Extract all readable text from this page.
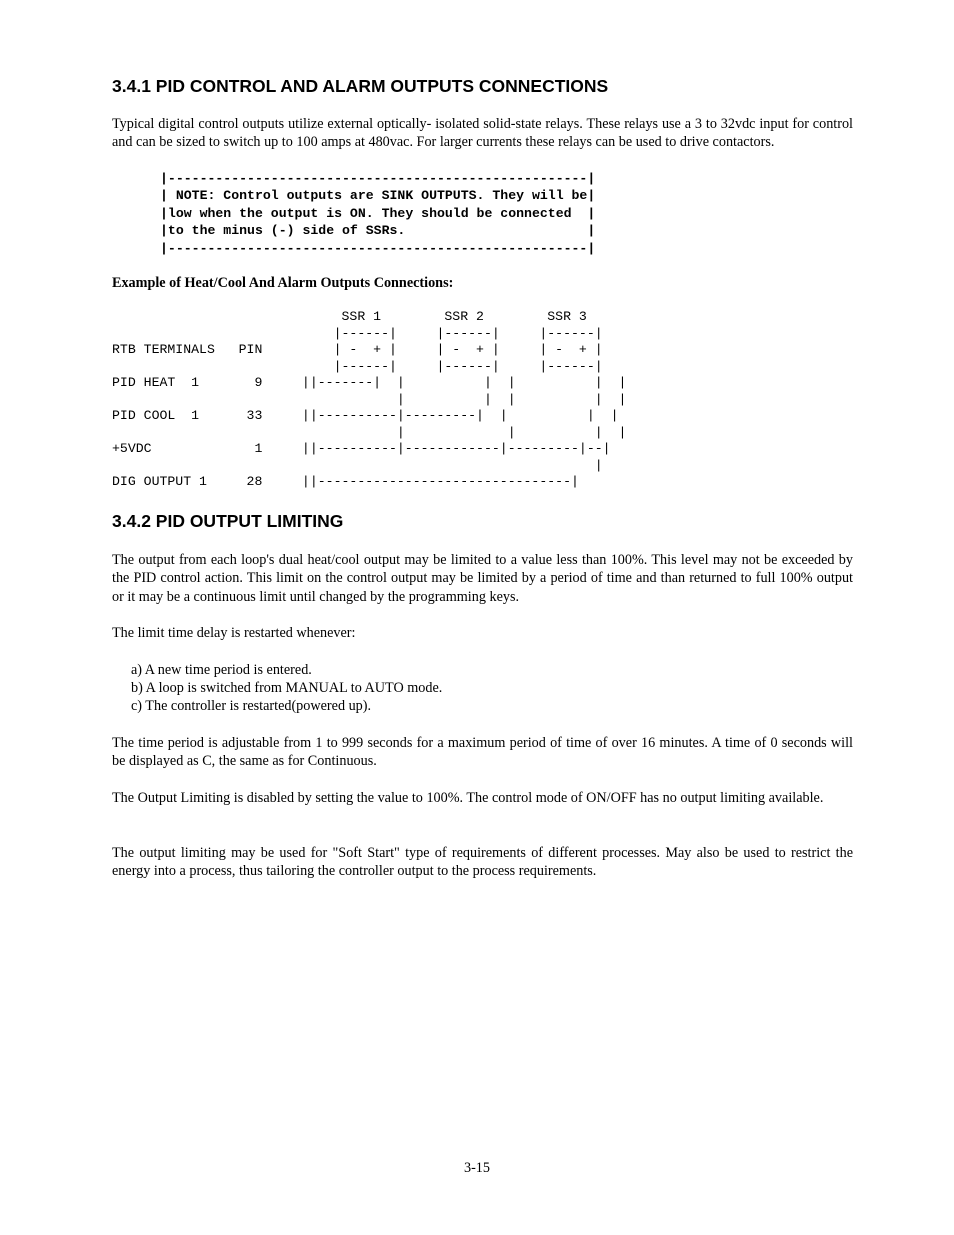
3.4.1 PID CONTROL AND ALARM OUTPUTS CONNECTIONS

Typical digital control outputs utilize external optically- isolated solid-state relays. These relays use a 3 to 32vdc input for control and can be sized to switch up to 100 amps at 480vac. For larger currents these relays can be used to drive contactors.

|-----------------------------------------------------|
| NOTE: Control outputs are SINK OUTPUTS. They will be|
|low when the output is ON. They should be connected  |
|to the minus (-) side of SSRs.                       |
|-----------------------------------------------------|

Example of Heat/Cool And Alarm Outputs Connections:

SSR 1        SSR 2        SSR 3
|------|     |------|     |------|
RTB TERMINALS   PIN         | -  + |     | -  + |     | -  + |
|------|     |------|     |------|
PID HEAT  1       9     ||-------|  |          |  |          |  |
|          |  |          |  |
PID COOL  1      33     ||----------|---------|  |          |  |
|             |          |  |
+5VDC             1     ||----------|------------|---------|--|
|
DIG OUTPUT 1     28     ||--------------------------------|
3.4.2 PID OUTPUT LIMITING

The output from each loop's dual heat/cool output may be limited to a value less than 100%. This level may not be exceeded by the PID control action. This limit on the control output may be limited by a period of time and than returned to full 100% output or it may be a continuous limit until changed by the programming keys.

The limit time delay is restarted whenever:

a) A new time period is entered.
b) A loop is switched from MANUAL to AUTO mode.
c) The controller is restarted(powered up).

The time period is adjustable from 1 to 999 seconds for a maximum period of time of over 16 minutes. A time of 0 seconds will be displayed as C, the same as for Continuous.

The Output Limiting is disabled by setting the value to 100%. The control mode of ON/OFF has no output limiting available.

The output limiting may be used for "Soft Start" type of requirements of different processes. May also be used to restrict the energy into a process, thus tailoring the controller output to the process requirements.

3-15
